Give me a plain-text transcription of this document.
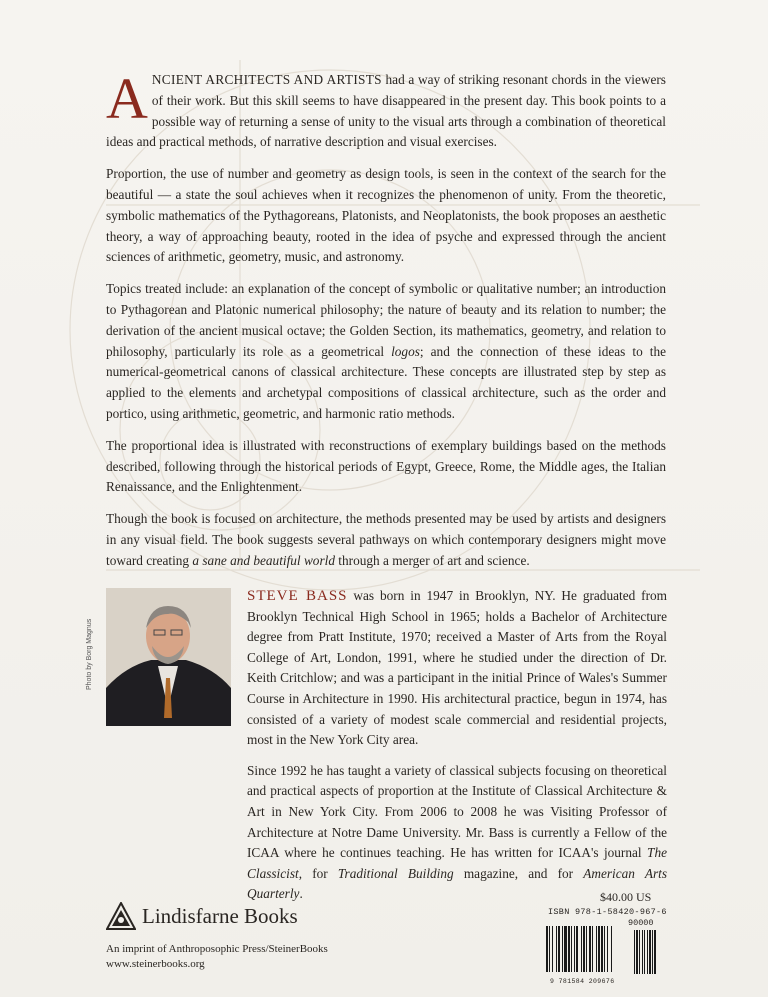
ANCIENT ARCHITECTS AND ARTISTS had a way of striking resonant chords in the viewers of their work. But this skill seems to have disappeared in the present day. This book points to a possible way of returning a sense of unity to the visual arts through a combination of theoretical ideas and practical methods, of narrative description and visual exercises.

Proportion, the use of number and geometry as design tools, is seen in the context of the search for the beautiful — a state the soul achieves when it recognizes the phenomenon of unity. From the theoretic, symbolic mathematics of the Pythagoreans, Platonists, and Neoplatonists, the book proposes an aesthetic theory, a way of approaching beauty, rooted in the idea of psyche and expressed through the ancient sciences of arithmetic, geometry, music, and astronomy.

Topics treated include: an explanation of the concept of symbolic or qualitative number; an introduction to Pythagorean and Platonic numerical philosophy; the nature of beauty and its relation to number; the derivation of the ancient musical octave; the Golden Section, its mathematics, geometry, and relation to philosophy, particularly its role as a geometrical logos; and the connection of these ideas to the numerical-geometrical canons of classical architecture. These concepts are illustrated step by step as applied to the elements and archetypal compositions of classical architecture, such as the order and portico, using arithmetic, geometric, and harmonic ratio methods.

The proportional idea is illustrated with reconstructions of exemplary buildings based on the methods described, following through the historical periods of Egypt, Greece, Rome, the Middle ages, the Italian Renaissance, and the Enlightenment.

Though the book is focused on architecture, the methods presented may be used by artists and designers in any visual field. The book suggests several pathways on which contemporary designers might move toward creating a sane and beautiful world through a merger of art and science.

Photo by Borg Magnus

STEVE BASS was born in 1947 in Brooklyn, NY. He graduated from Brooklyn Technical High School in 1965; holds a Bachelor of Architecture degree from Pratt Institute, 1970; received a Master of Arts from the Royal College of Art, London, 1991, where he studied under the direction of Dr. Keith Critchlow; and was a participant in the initial Prince of Wales's Summer Course in Architecture in 1990. His architectural practice, begun in 1974, has consisted of a variety of modest scale commercial and residential projects, most in the New York City area.

Since 1992 he has taught a variety of classical subjects focusing on theoretical and practical aspects of proportion at the Institute of Classical Architecture & Art in New York City. From 2006 to 2008 he was Visiting Professor of Architecture at Notre Dame University. Mr. Bass is currently a Fellow of the ICAA where he continues teaching. He has written for ICAA's journal The Classicist, for Traditional Building magazine, and for American Arts Quarterly.

Lindisfarne Books
An imprint of Anthroposophic Press/SteinerBooks
www.steinerbooks.org
$40.00 US
ISBN 978-1-58420-967-6
90000
9 781584 209676
